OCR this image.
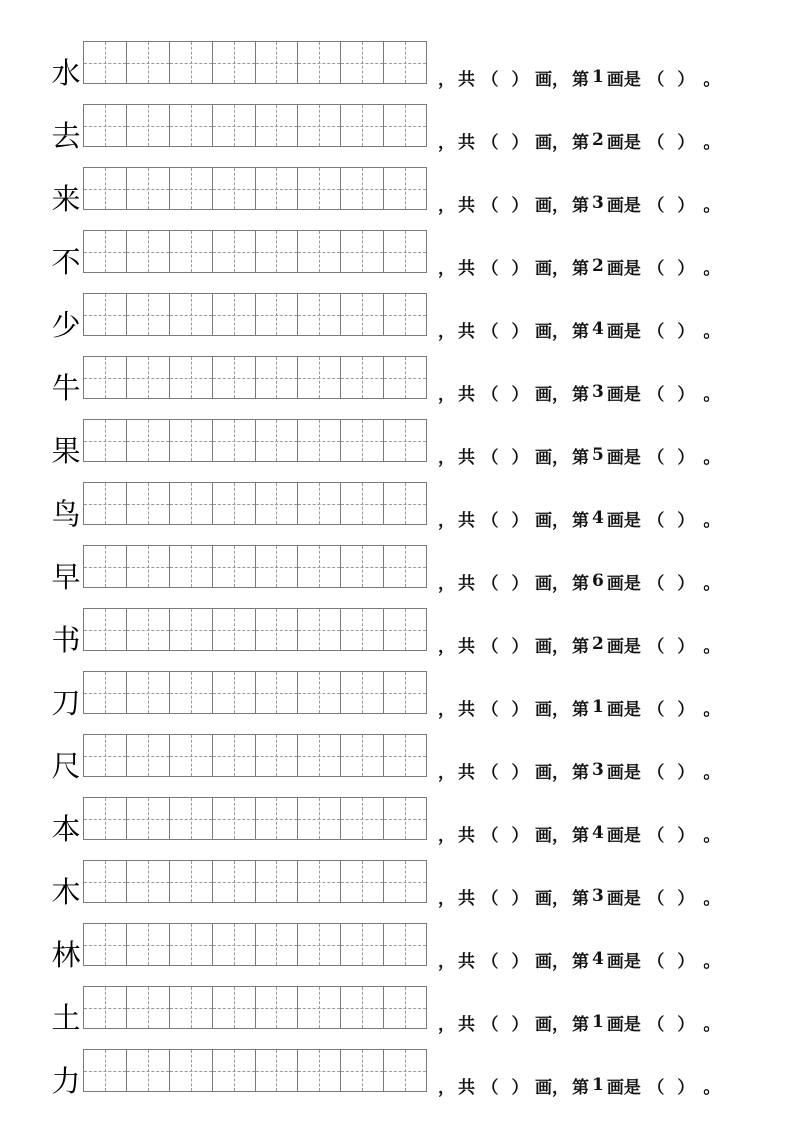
水	， 共 （ ） 画 ， 第 1 画是 （ ） 。
去	， 共 （ ） 画 ， 第 2 画是 （ ） 。
来	， 共 （ ） 画 ， 第 3 画是 （ ） 。
不	， 共 （ ） 画 ， 第 2 画是 （ ） 。
少	， 共 （ ） 画 ， 第 4 画是 （ ） 。
牛	， 共 （ ） 画 ， 第 3 画是 （ ） 。
果	， 共 （ ） 画 ， 第 5 画是 （ ） 。
鸟	， 共 （ ） 画 ， 第 4 画是 （ ） 。
早	， 共 （ ） 画 ， 第 6 画是 （ ） 。
书	， 共 （ ） 画 ， 第 2 画是 （ ） 。
刀	， 共 （ ） 画 ， 第 1 画是 （ ） 。
尺	， 共 （ ） 画 ， 第 3 画是 （ ） 。
本	， 共 （ ） 画 ， 第 4 画是 （ ） 。
木	， 共 （ ） 画 ， 第 3 画是 （ ） 。
林	， 共 （ ） 画 ， 第 4 画是 （ ） 。
土	， 共 （ ） 画 ， 第 1 画是 （ ） 。
力	， 共 （ ） 画 ， 第 1 画是 （ ） 。
